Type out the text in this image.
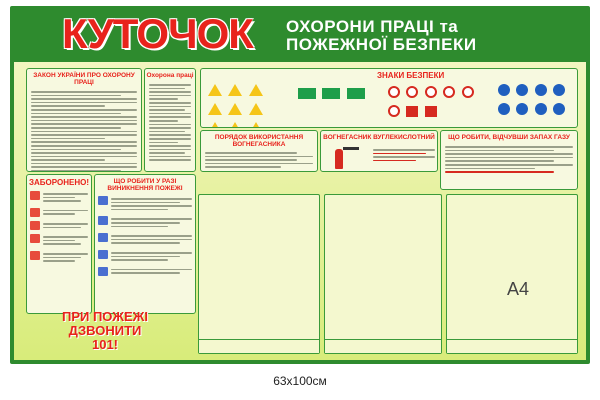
КУТОЧОК ОХОРОНИ ПРАЦІ та
ПОЖЕЖНОЇ БЕЗПЕКИ
ЗАКОН УКРАЇНИ ПРО ОХОРОНУ ПРАЦІ
Охорона праці	ЗНАКИ БЕЗПЕКИ

ПОРЯДОК ВИКОРИСТАННЯ ВОГНЕГАСНИКА
ВОГНЕГАСНИК ВУГЛЕКИСЛОТНИЙ	ЩО РОБИТИ, ВІДЧУВШИ ЗАПАХ ГАЗУ
ЗАБОРОНЕНО!	ЩО РОБИТИ У РАЗІ ВИНИКНЕННЯ ПОЖЕЖІ
ПРИ ПОЖЕЖІ
ДЗВОНИТИ
101!
A4
63x100см
